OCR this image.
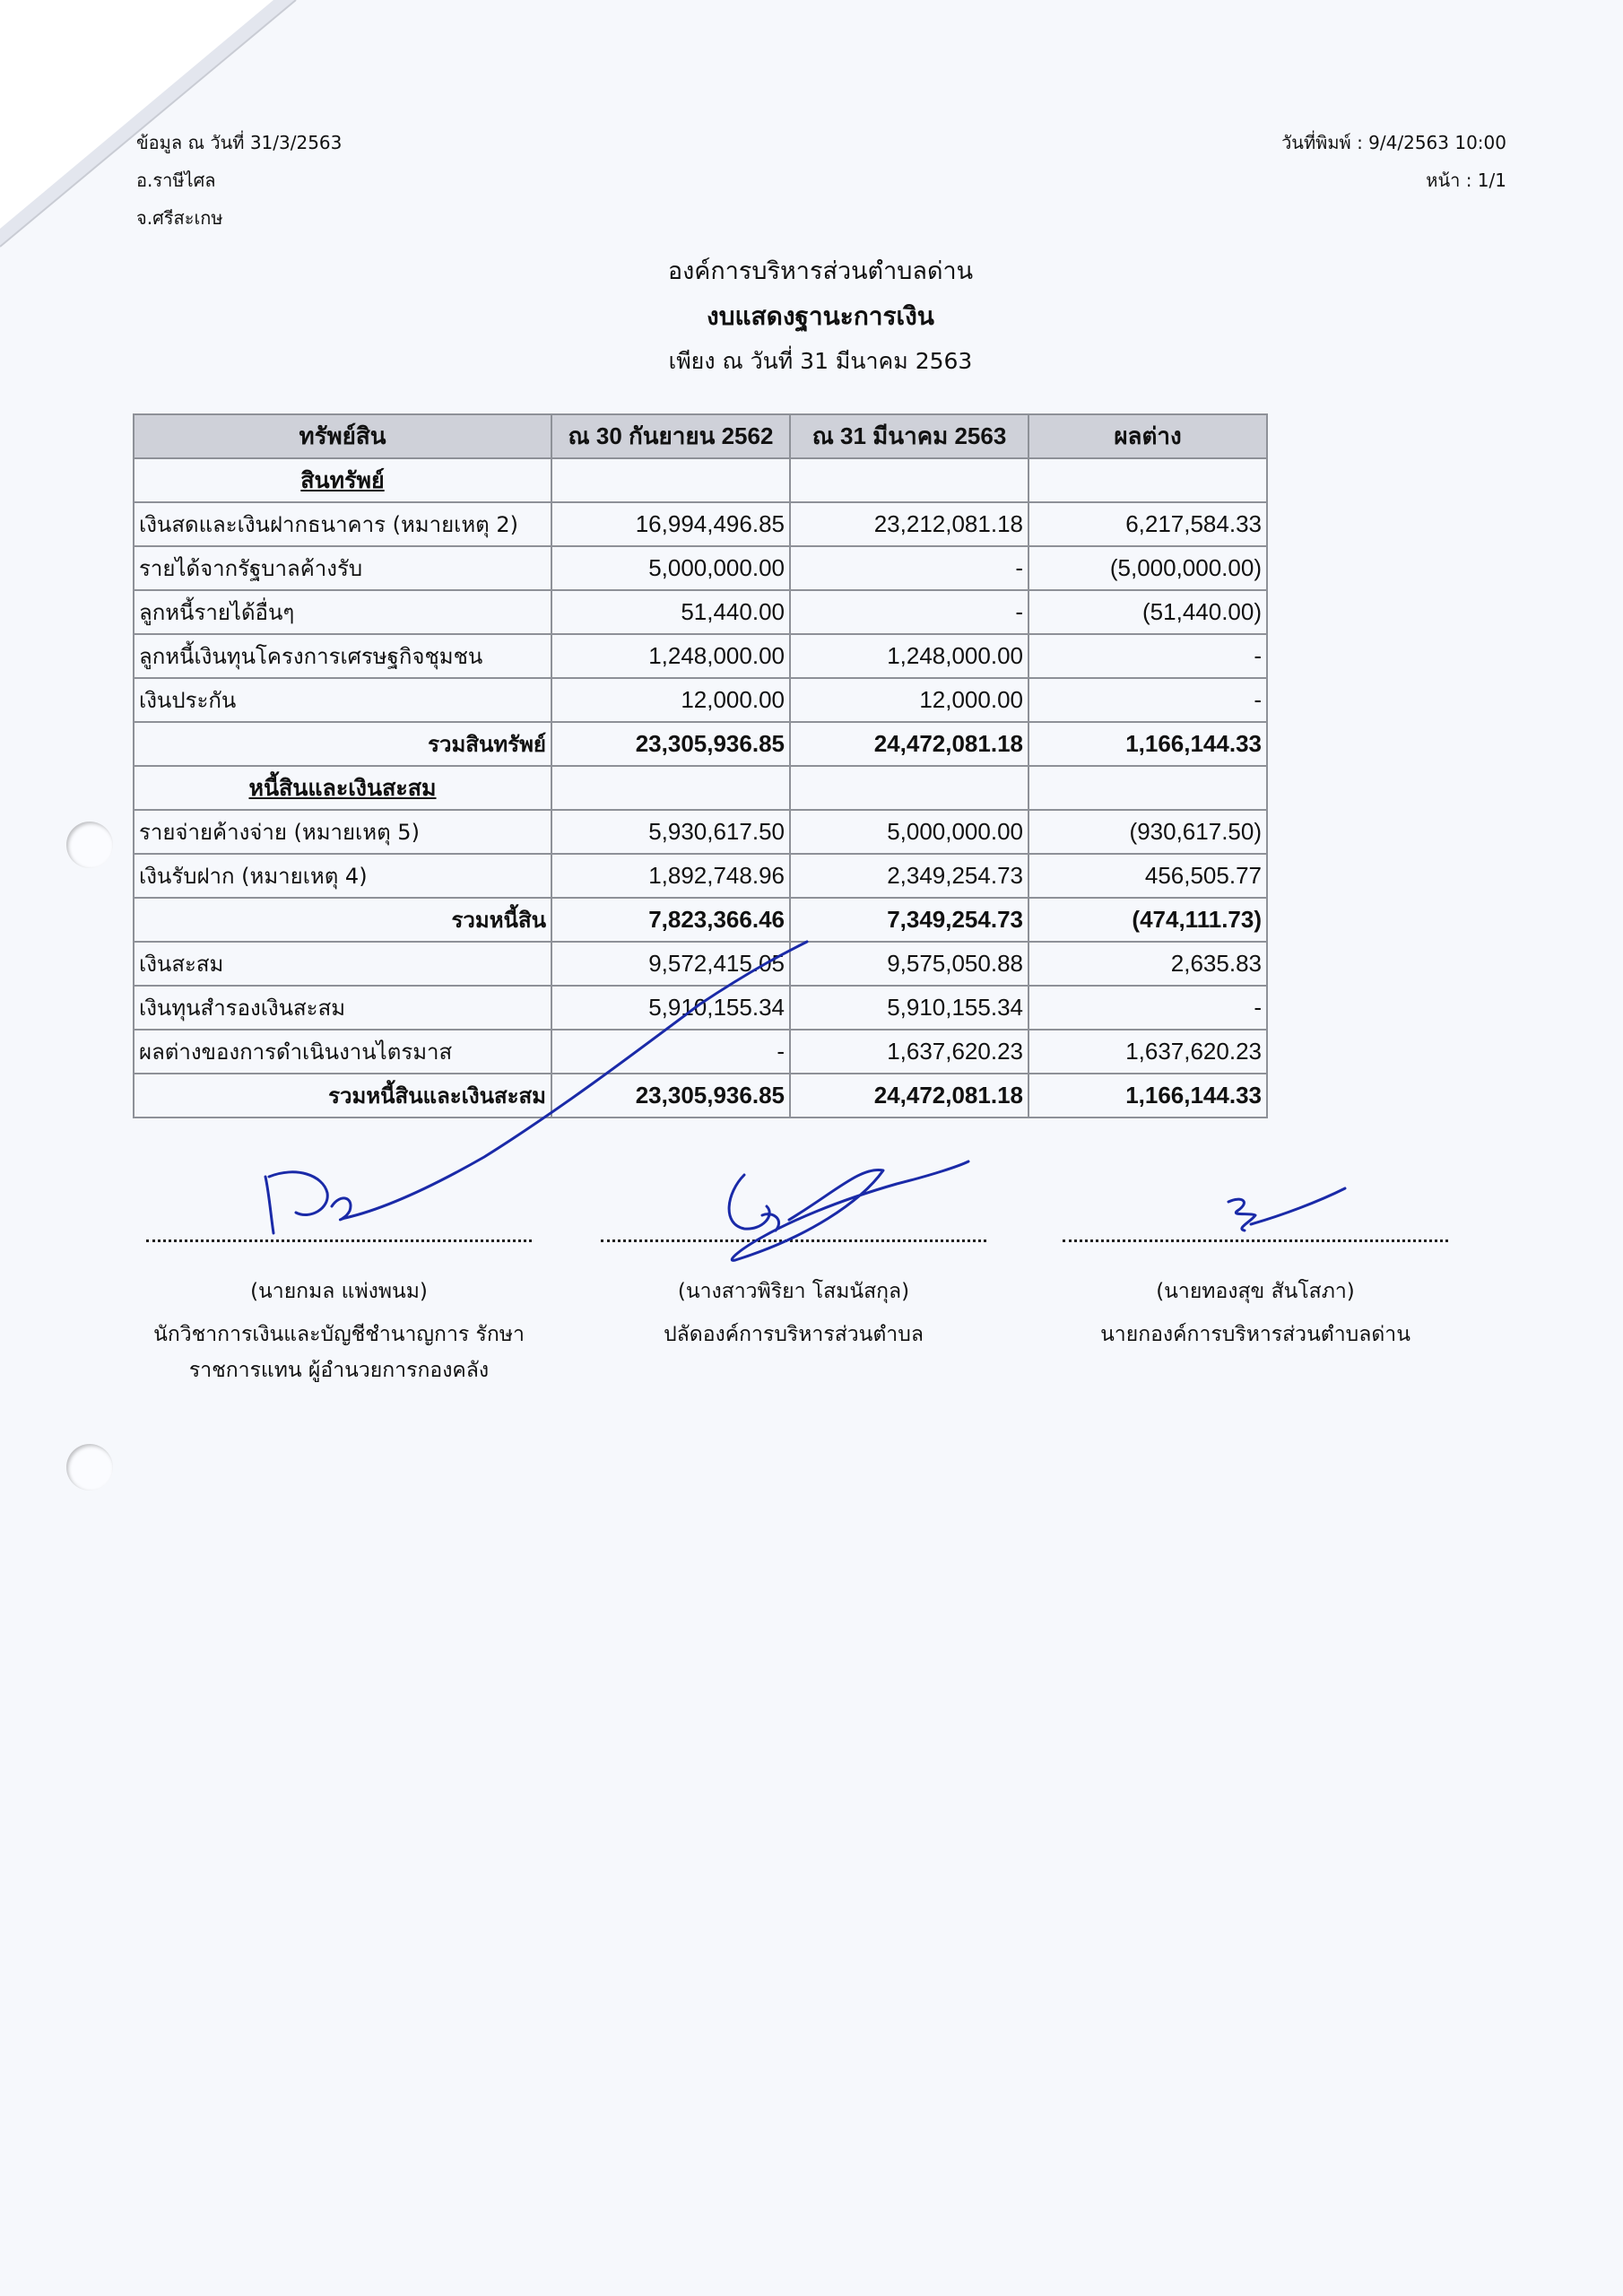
ข้อมูล ณ วันที่ 31/3/2563
อ.ราษีไศล
จ.ศรีสะเกษ
วันที่พิมพ์ : 9/4/2563 10:00
หน้า : 1/1
องค์การบริหารส่วนตำบลด่าน
งบแสดงฐานะการเงิน
เพียง ณ วันที่ 31 มีนาคม 2563
ทรัพย์สิน	ณ 30 กันยายน 2562	ณ 31 มีนาคม 2563	ผลต่าง
สินทรัพย์			
เงินสดและเงินฝากธนาคาร (หมายเหตุ 2)	16,994,496.85	23,212,081.18	6,217,584.33
รายได้จากรัฐบาลค้างรับ	5,000,000.00	-	(5,000,000.00)
ลูกหนี้รายได้อื่นๆ	51,440.00	-	(51,440.00)
ลูกหนี้เงินทุนโครงการเศรษฐกิจชุมชน	1,248,000.00	1,248,000.00	-
เงินประกัน	12,000.00	12,000.00	-
รวมสินทรัพย์	23,305,936.85	24,472,081.18	1,166,144.33
หนี้สินและเงินสะสม			
รายจ่ายค้างจ่าย (หมายเหตุ 5)	5,930,617.50	5,000,000.00	(930,617.50)
เงินรับฝาก (หมายเหตุ 4)	1,892,748.96	2,349,254.73	456,505.77
รวมหนี้สิน	7,823,366.46	7,349,254.73	(474,111.73)
เงินสะสม	9,572,415.05	9,575,050.88	2,635.83
เงินทุนสำรองเงินสะสม	5,910,155.34	5,910,155.34	-
ผลต่างของการดำเนินงานไตรมาส	-	1,637,620.23	1,637,620.23
รวมหนี้สินและเงินสะสม	23,305,936.85	24,472,081.18	1,166,144.33
(นายกมล แพ่งพนม)
นักวิชาการเงินและบัญชีชำนาญการ รักษา
ราชการแทน ผู้อำนวยการกองคลัง
(นางสาวพิริยา โสมนัสกุล)
ปลัดองค์การบริหารส่วนตำบล
(นายทองสุข สันโสภา)
นายกองค์การบริหารส่วนตำบลด่าน
